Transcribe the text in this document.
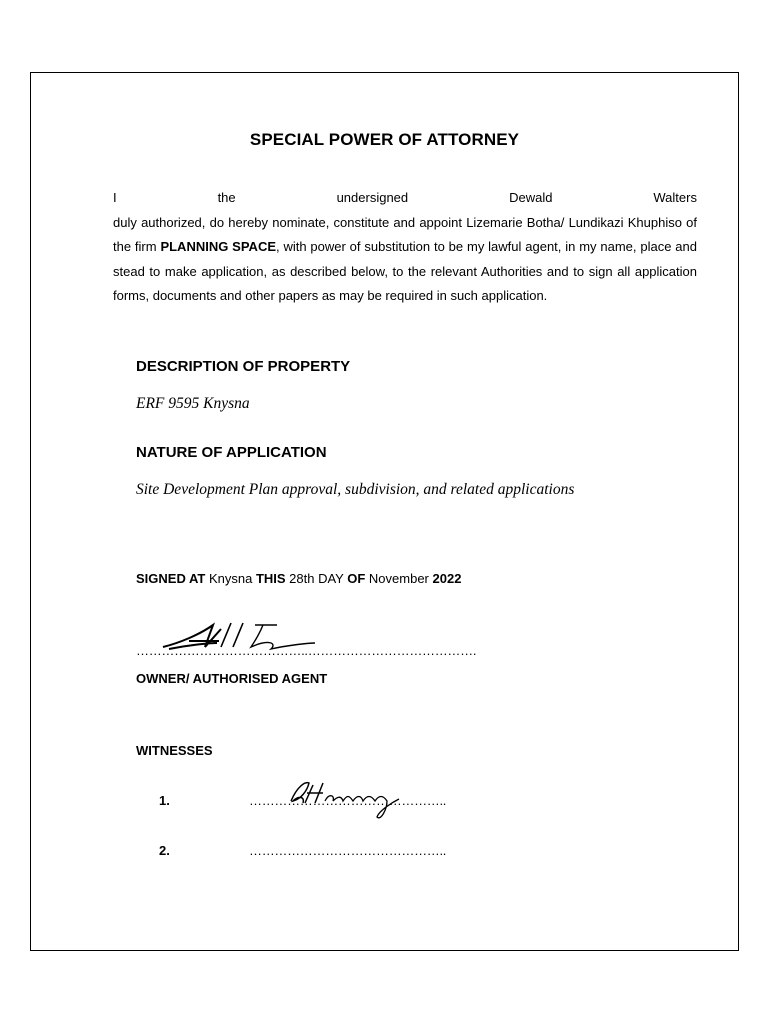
SPECIAL POWER OF ATTORNEY
I	the	undersigned	Dewald	Walters
duly authorized, do hereby nominate, constitute and appoint Lizemarie Botha/ Lundikazi Khuphiso of the firm PLANNING SPACE, with power of substitution to be my lawful agent, in my name, place and stead to make application, as described below, to the relevant Authorities and to sign all application forms, documents and other papers as may be required in such application.
DESCRIPTION OF PROPERTY
ERF 9595 Knysna
NATURE OF APPLICATION
Site Development Plan approval, subdivision, and related applications
SIGNED AT Knysna THIS 28th DAY OF November 2022
…………………………………..………………………………….
OWNER/ AUTHORISED AGENT
WITNESSES
1.	………………………………………..
2.	………………………………………..
